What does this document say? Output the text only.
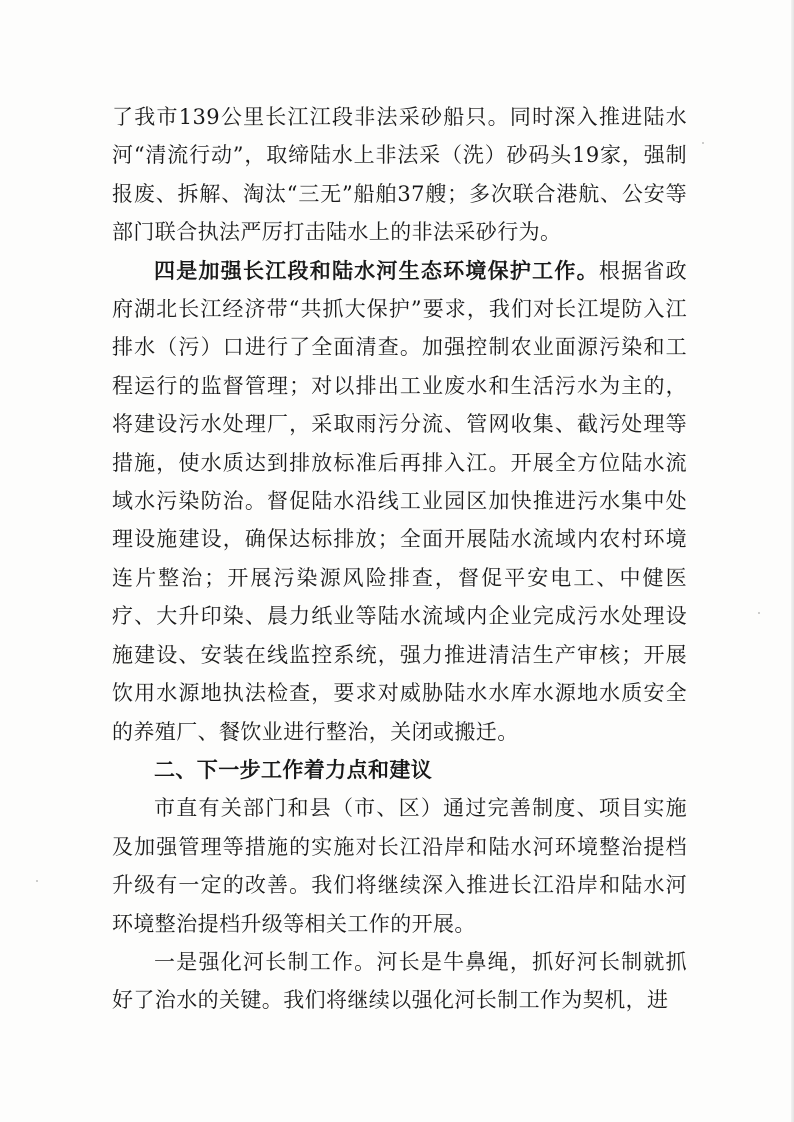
了我市139公里长江江段非法采砂船只。同时深入推进陆水河“清流行动”，取缔陆水上非法采（洗）砂码头19家，强制报废、拆解、淘汰“三无”船舶37艘；多次联合港航、公安等部门联合执法严厉打击陆水上的非法采砂行为。

四是加强长江段和陆水河生态环境保护工作。根据省政府湖北长江经济带“共抓大保护”要求，我们对长江堤防入江排水（污）口进行了全面清查。加强控制农业面源污染和工程运行的监督管理；对以排出工业废水和生活污水为主的，将建设污水处理厂，采取雨污分流、管网收集、截污处理等措施，使水质达到排放标准后再排入江。开展全方位陆水流域水污染防治。督促陆水沿线工业园区加快推进污水集中处理设施建设，确保达标排放；全面开展陆水流域内农村环境连片整治；开展污染源风险排查，督促平安电工、中健医疗、大升印染、晨力纸业等陆水流域内企业完成污水处理设施建设、安装在线监控系统，强力推进清洁生产审核；开展饮用水源地执法检查，要求对威胁陆水水库水源地水质安全的养殖厂、餐饮业进行整治，关闭或搬迁。

二、下一步工作着力点和建议

市直有关部门和县（市、区）通过完善制度、项目实施及加强管理等措施的实施对长江沿岸和陆水河环境整治提档升级有一定的改善。我们将继续深入推进长江沿岸和陆水河环境整治提档升级等相关工作的开展。

一是强化河长制工作。河长是牛鼻绳，抓好河长制就抓好了治水的关键。我们将继续以强化河长制工作为契机，进
